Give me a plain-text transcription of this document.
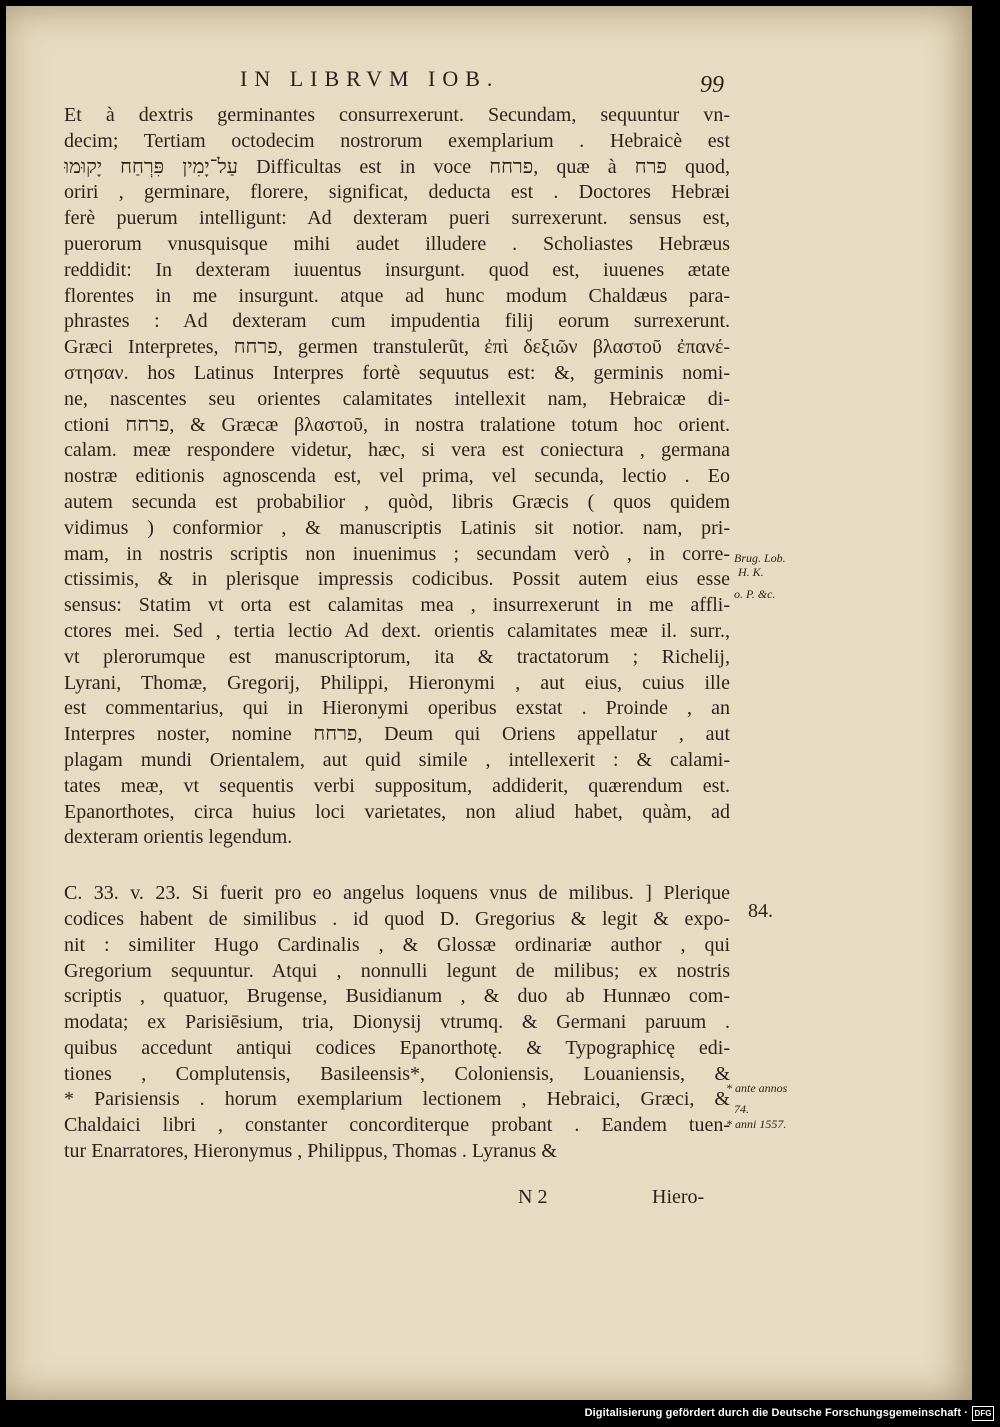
IN LIBRVM IOB.	99
Et à dextris germinantes consurrexerunt. Secundam, sequuntur vn-
decim; Tertiam octodecim nostrorum exemplarium . Hebraicè est
עַל־יָמִין פִּרְחַח יָקוּמוּ Difficultas est in voce פרחח, quæ à פרח quod,
oriri , germinare, florere, significat, deducta est . Doctores Hebræi
ferè puerum intelligunt: Ad dexteram pueri surrexerunt. sensus est,
puerorum vnusquisque mihi audet illudere . Scholiastes Hebræus
reddidit: In dexteram iuuentus insurgunt. quod est, iuuenes ætate
florentes in me insurgunt. atque ad hunc modum Chaldæus para-
phrastes : Ad dexteram cum impudentia filij eorum surrexerunt.
Græci Interpretes, פרחח, germen transtulerũt, ἐπὶ δεξιῶν βλαστοῦ ἐπανέ-
στησαν. hos Latinus Interpres fortè sequutus est: &, germinis nomi-
ne, nascentes seu orientes calamitates intellexit nam, Hebraicæ di-
ctioni פרחח, & Græcæ βλαστοῦ, in nostra tralatione totum hoc orient.
calam. meæ respondere videtur, hæc, si vera est coniectura , germana
nostræ editionis agnoscenda est, vel prima, vel secunda, lectio . Eo
autem secunda est probabilior , quòd, libris Græcis ( quos quidem
vidimus ) conformior , & manuscriptis Latinis sit notior. nam, pri-
mam, in nostris scriptis non inuenimus ; secundam verò , in corre-
ctissimis, & in plerisque impressis codicibus. Possit autem eius esse
sensus: Statim vt orta est calamitas mea , insurrexerunt in me affli-
ctores mei. Sed , tertia lectio Ad dext. orientis calamitates meæ il. surr.,
vt plerorumque est manuscriptorum, ita & tractatorum ; Richelij,
Lyrani, Thomæ, Gregorij, Philippi, Hieronymi , aut eius, cuius ille
est commentarius, qui in Hieronymi operibus exstat . Proinde , an
Interpres noster, nomine פרחח, Deum qui Oriens appellatur , aut
plagam mundi Orientalem, aut quid simile , intellexerit : & calami-
tates meæ, vt sequentis verbi suppositum, addiderit, quærendum est.
Epanorthotes, circa huius loci varietates, non aliud habet, quàm, ad
dexteram orientis legendum.
C. 33. v. 23. Si fuerit pro eo angelus loquens vnus de milibus. ] Plerique
codices habent de similibus . id quod D. Gregorius & legit & expo-
nit : similiter Hugo Cardinalis , & Glossæ ordinariæ author , qui
Gregorium sequuntur. Atqui , nonnulli legunt de milibus; ex nostris
scriptis , quatuor, Brugense, Busidianum , & duo ab Hunnæo com-
modata; ex Parisiēsium, tria, Dionysij vtrumq. & Germani paruum .
quibus accedunt antiqui codices Epanorthotę. & Typographicę edi-
tiones , Complutensis, Basileensis*, Coloniensis, Louaniensis, &
* Parisiensis . horum exemplarium lectionem , Hebraici, Græci, &
Chaldaici libri , constanter concorditerque probant . Eandem tuen-
tur Enarratores, Hieronymus , Philippus, Thomas . Lyranus &
Brug. Lob.
H. K.
o. P. &c.
84.
* ante annos
74.
* anni 1557.
N 2	Hiero-
Digitalisierung gefördert durch die Deutsche Forschungsgemeinschaft · DFG
